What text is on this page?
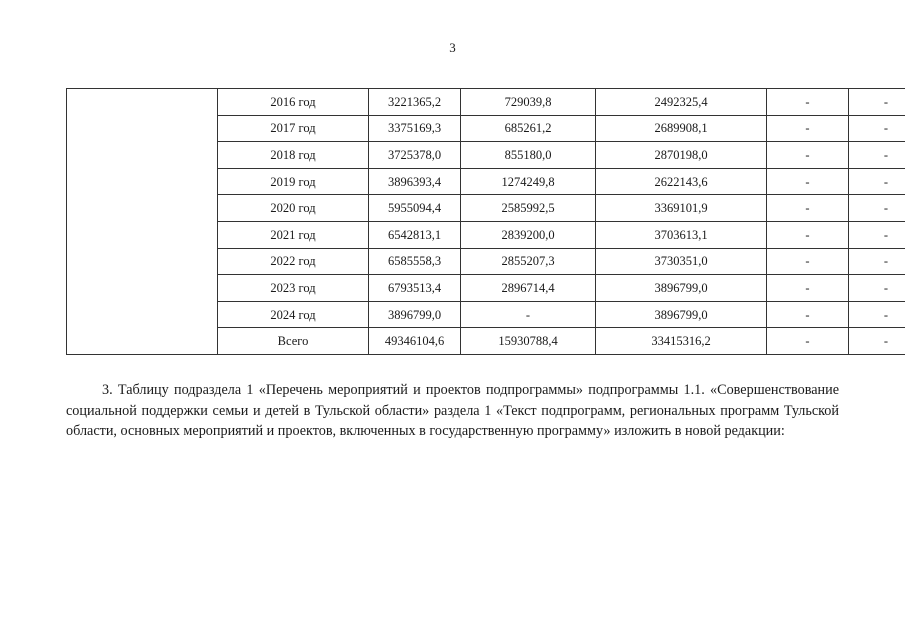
3
	2016 год	3221365,2	729039,8	2492325,4	-	-
	2017 год	3375169,3	685261,2	2689908,1	-	-
	2018 год	3725378,0	855180,0	2870198,0	-	-
	2019 год	3896393,4	1274249,8	2622143,6	-	-
	2020 год	5955094,4	2585992,5	3369101,9	-	-
	2021 год	6542813,1	2839200,0	3703613,1	-	-
	2022 год	6585558,3	2855207,3	3730351,0	-	-
	2023 год	6793513,4	2896714,4	3896799,0	-	-
	2024 год	3896799,0	-	3896799,0	-	-
	Всего	49346104,6	15930788,4	33415316,2	-	-

3. Таблицу подраздела 1 «Перечень мероприятий и проектов подпрограммы» подпрограммы 1.1. «Совершенствование социальной поддержки семьи и детей в Тульской области» раздела 1 «Текст подпрограмм, региональных программ Тульской области, основных мероприятий и проектов, включенных в государственную программу» изложить в новой редакции:
